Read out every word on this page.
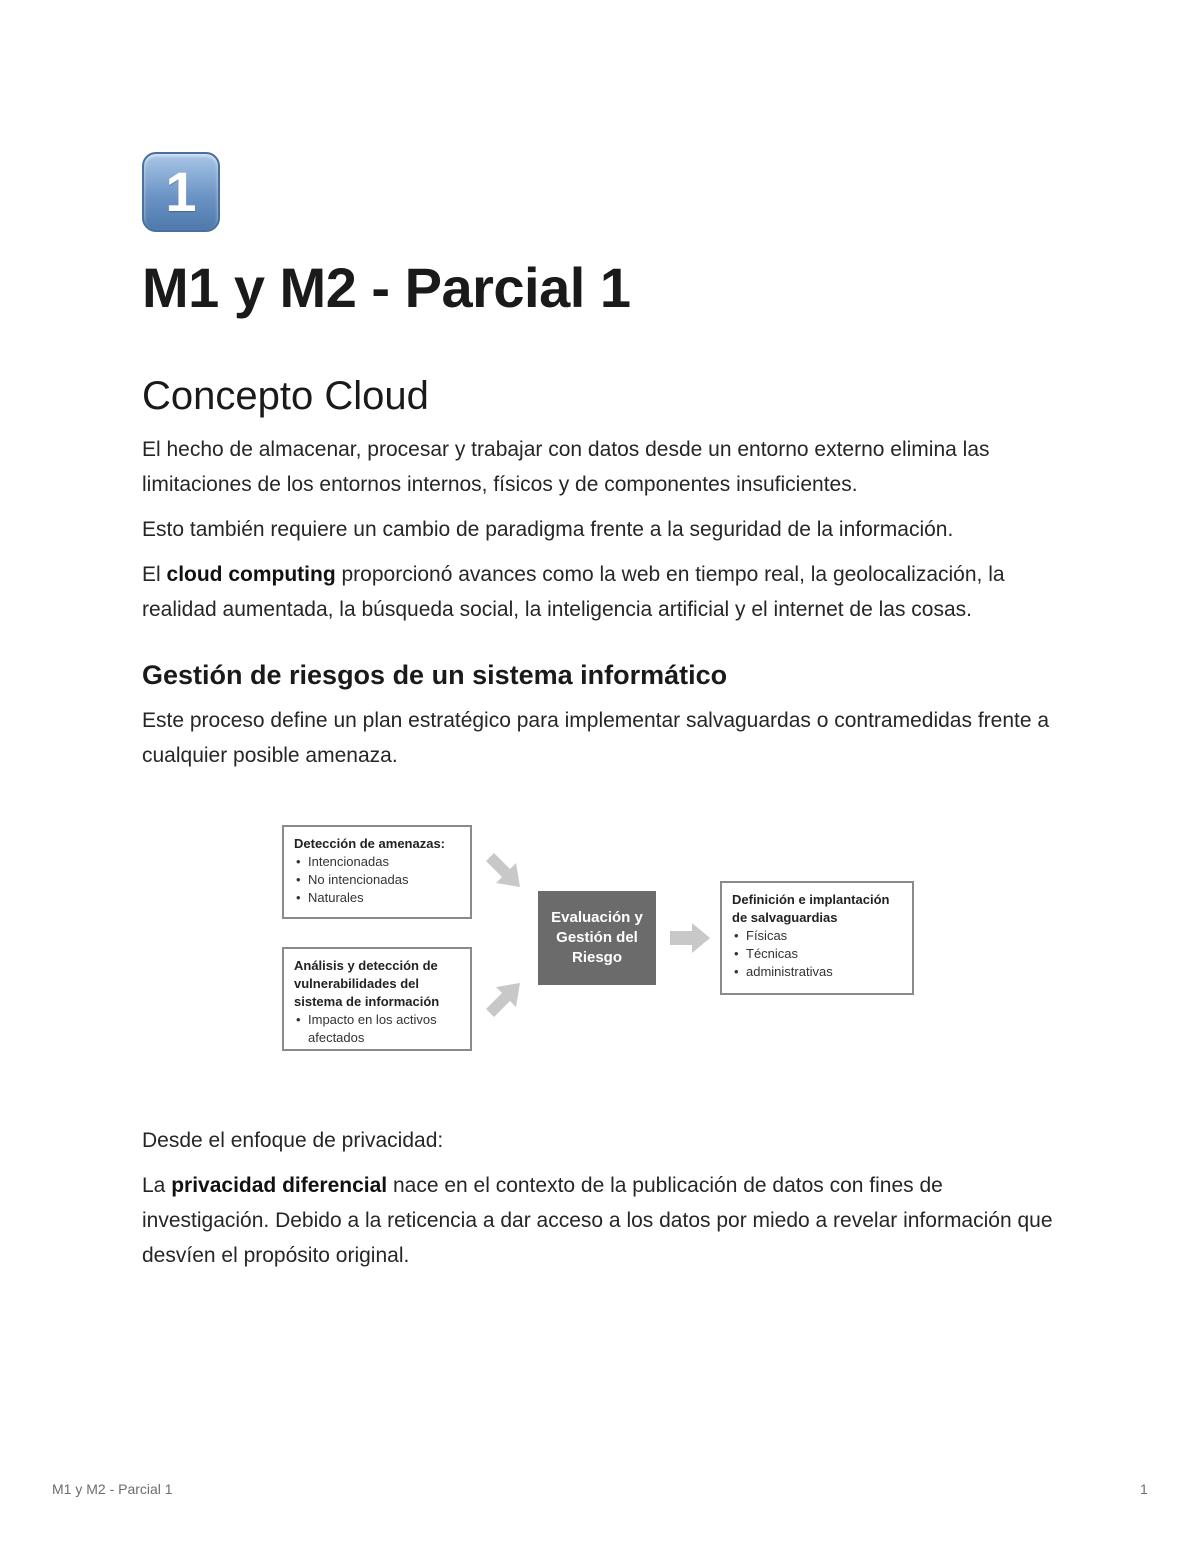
1
M1 y M2 - Parcial 1
Concepto Cloud

El hecho de almacenar, procesar y trabajar con datos desde un entorno externo elimina las limitaciones de los entornos internos, físicos y de componentes insuficientes.

Esto también requiere un cambio de paradigma frente a la seguridad de la información.

El cloud computing proporcionó avances como la web en tiempo real, la geolocalización, la realidad aumentada, la búsqueda social, la inteligencia artificial y el internet de las cosas.

Gestión de riesgos de un sistema informático

Este proceso define un plan estratégico para implementar salvaguardas o contramedidas frente a cualquier posible amenaza.

Detección de amenazas:
• Intencionadas
• No intencionadas
• Naturales
Análisis y detección de vulnerabilidades del sistema de información
• Impacto en los activos afectados
Evaluación y Gestión del Riesgo
Definición e implantación de salvaguardias
• Físicas
• Técnicas
• administrativas

Desde el enfoque de privacidad:

La privacidad diferencial nace en el contexto de la publicación de datos con fines de investigación. Debido a la reticencia a dar acceso a los datos por miedo a revelar información que desvíen el propósito original.

M1 y M2 - Parcial 1	1
